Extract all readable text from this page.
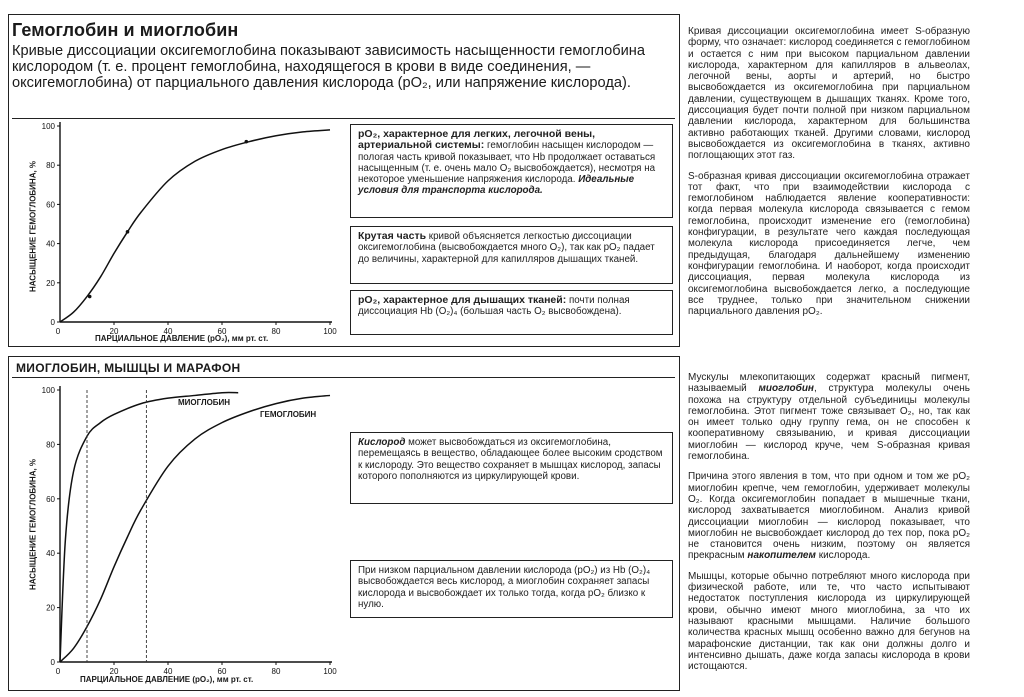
Гемоглобин и миоглобин
Кривые диссоциации оксигемоглобина показывают зависимость насыщенности гемоглобина кислородом (т. е. процент гемоглобина, находящегося в крови в виде соединения, — оксигемоглобина) от парциального давления кислорода (pO₂, или напряжение кислорода).
100
80
60
40
20
0
20	40	60	80	100
0
НАСЫЩЕНИЕ ГЕМОГЛОБИНА, %
ПАРЦИАЛЬНОЕ ДАВЛЕНИЕ (pO₂), мм рт. ст.
pO₂, характерное для легких, легочной вены, артериальной системы: гемоглобин насыщен кислородом — пологая часть кривой показывает, что Hb продолжает оставаться насыщенным (т. е. очень мало O₂ высвобождается), несмотря на некоторое уменьшение напряжения кислорода. Идеальные условия для транспорта кислорода.
Крутая часть кривой объясняется легкостью диссоциации оксигемоглобина (высвобождается много O₂), так как pO₂ падает до величины, характерной для капилляров дышащих тканей.
pO₂, характерное для дышащих тканей: почти полная диссоциация Hb (O₂)₄ (большая часть O₂ высвобождена).

Кривая диссоциации оксигемоглобина имеет S-образную форму, что означает: кислород соединяется с гемоглобином и остается с ним при высоком парциальном давлении кислорода, характерном для капилляров в альвеолах, легочной вены, аорты и артерий, но быстро высвобождается из оксигемоглобина при парциальном давлении, существующем в дышащих тканях. Кроме того, диссоциация будет почти полной при низком парциальном давлении кислорода, характерном для большинства активно работающих тканей. Другими словами, кислород высвобождается из оксигемоглобина в тканях, активно поглощающих этот газ.

S-образная кривая диссоциации оксигемоглобина отражает тот факт, что при взаимодействии кислорода с гемоглобином наблюдается явление кооперативности: когда первая молекула кислорода связывается с гемом гемоглобина, происходит изменение его (гемоглобина) конфигурации, в результате чего каждая последующая молекула кислорода присоединяется легче, чем предыдущая, благодаря дальнейшему изменению конфигурации гемоглобина. И наоборот, когда происходит диссоциация, первая молекула кислорода из оксигемоглобина высвобождается легко, а последующие все труднее, только при значительном снижении парциального давления pO₂.

МИОГЛОБИН, МЫШЦЫ И МАРАФОН
100
80
60
40
20
0
20	40	60	80	100
0
НАСЫЩЕНИЕ ГЕМОГЛОБИНА, %
ПАРЦИАЛЬНОЕ ДАВЛЕНИЕ (pO₂), мм рт. ст.
МИОГЛОБИН
ГЕМОГЛОБИН
Кислород может высвобождаться из оксигемоглобина, перемещаясь в вещество, обладающее более высоким сродством к кислороду. Это вещество сохраняет в мышцах кислород, запасы которого пополняются из циркулирующей крови.
При низком парциальном давлении кислорода (pO₂) из Hb (O₂)₄ высвобождается весь кислород, а миоглобин сохраняет запасы кислорода и высвобождает их только тогда, когда pO₂ близко к нулю.

Мускулы млекопитающих содержат красный пигмент, называемый миоглобин, структура молекулы очень похожа на структуру отдельной субъединицы молекулы гемоглобина. Этот пигмент тоже связывает O₂, но, так как он имеет только одну группу гема, он не способен к кооперативному связыванию, и кривая диссоциации миоглобин — кислород круче, чем S-образная кривая гемоглобина.

Причина этого явления в том, что при одном и том же pO₂ миоглобин крепче, чем гемоглобин, удерживает молекулы O₂. Когда оксигемоглобин попадает в мышечные ткани, кислород захватывается миоглобином. Анализ кривой диссоциации миоглобин — кислород показывает, что миоглобин не высвобождает кислород до тех пор, пока pO₂ не становится очень низким, поэтому он является прекрасным накопителем кислорода.

Мышцы, которые обычно потребляют много кислорода при физической работе, или те, что часто испытывают недостаток поступления кислорода из циркулирующей крови, обычно имеют много миоглобина, за что их называют красными мышцами. Наличие большого количества красных мышц особенно важно для бегунов на марафонские дистанции, так как они должны долго и интенсивно дышать, даже когда запасы кислорода в крови истощаются.
